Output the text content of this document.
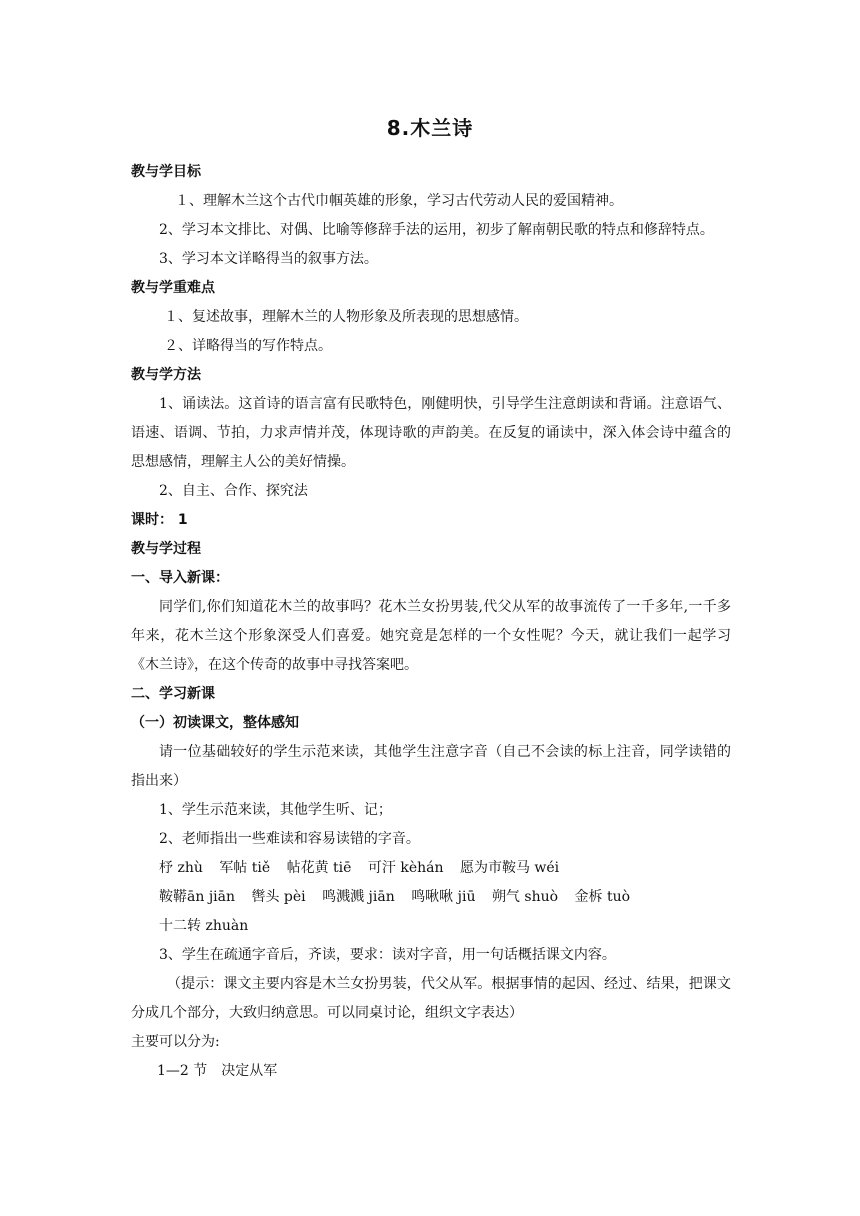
8.木兰诗
教与学目标
１、理解木兰这个古代巾帼英雄的形象，学习古代劳动人民的爱国精神。
2、学习本文排比、对偶、比喻等修辞手法的运用，初步了解南朝民歌的特点和修辞特点。
3、学习本文详略得当的叙事方法。
教与学重难点
１、复述故事，理解木兰的人物形象及所表现的思想感情。
２、详略得当的写作特点。
教与学方法
1、诵读法。这首诗的语言富有民歌特色，刚健明快，引导学生注意朗读和背诵。注意语气、语速、语调、节拍，力求声情并茂，体现诗歌的声韵美。在反复的诵读中，深入体会诗中蕴含的思想感情，理解主人公的美好情操。
2、自主、合作、探究法
课时： 1
教与学过程
一、导入新课：
同学们,你们知道花木兰的故事吗？花木兰女扮男装,代父从军的故事流传了一千多年,一千多年来，花木兰这个形象深受人们喜爱。她究竟是怎样的一个女性呢？今天，就让我们一起学习《木兰诗》，在这个传奇的故事中寻找答案吧。
二、学习新课
（一）初读课文，整体感知
请一位基础较好的学生示范来读，其他学生注意字音（自己不会读的标上注音，同学读错的指出来）
1、学生示范来读，其他学生听、记；
2、老师指出一些难读和容易读错的字音。
杼 zhù 军帖 tiě 帖花黄 tiē 可汗 kèhán 愿为市鞍马 wéi
鞍鞯ān jiān 辔头 pèi 鸣溅溅 jiān 鸣啾啾 jiū 朔气 shuò 金柝 tuò
十二转 zhuàn
3、学生在疏通字音后，齐读，要求：读对字音，用一句话概括课文内容。
（提示：课文主要内容是木兰女扮男装，代父从军。根据事情的起因、经过、结果，把课文分成几个部分，大致归纳意思。可以同桌讨论，组织文字表达）
主要可以分为:
1—2 节　决定从军
